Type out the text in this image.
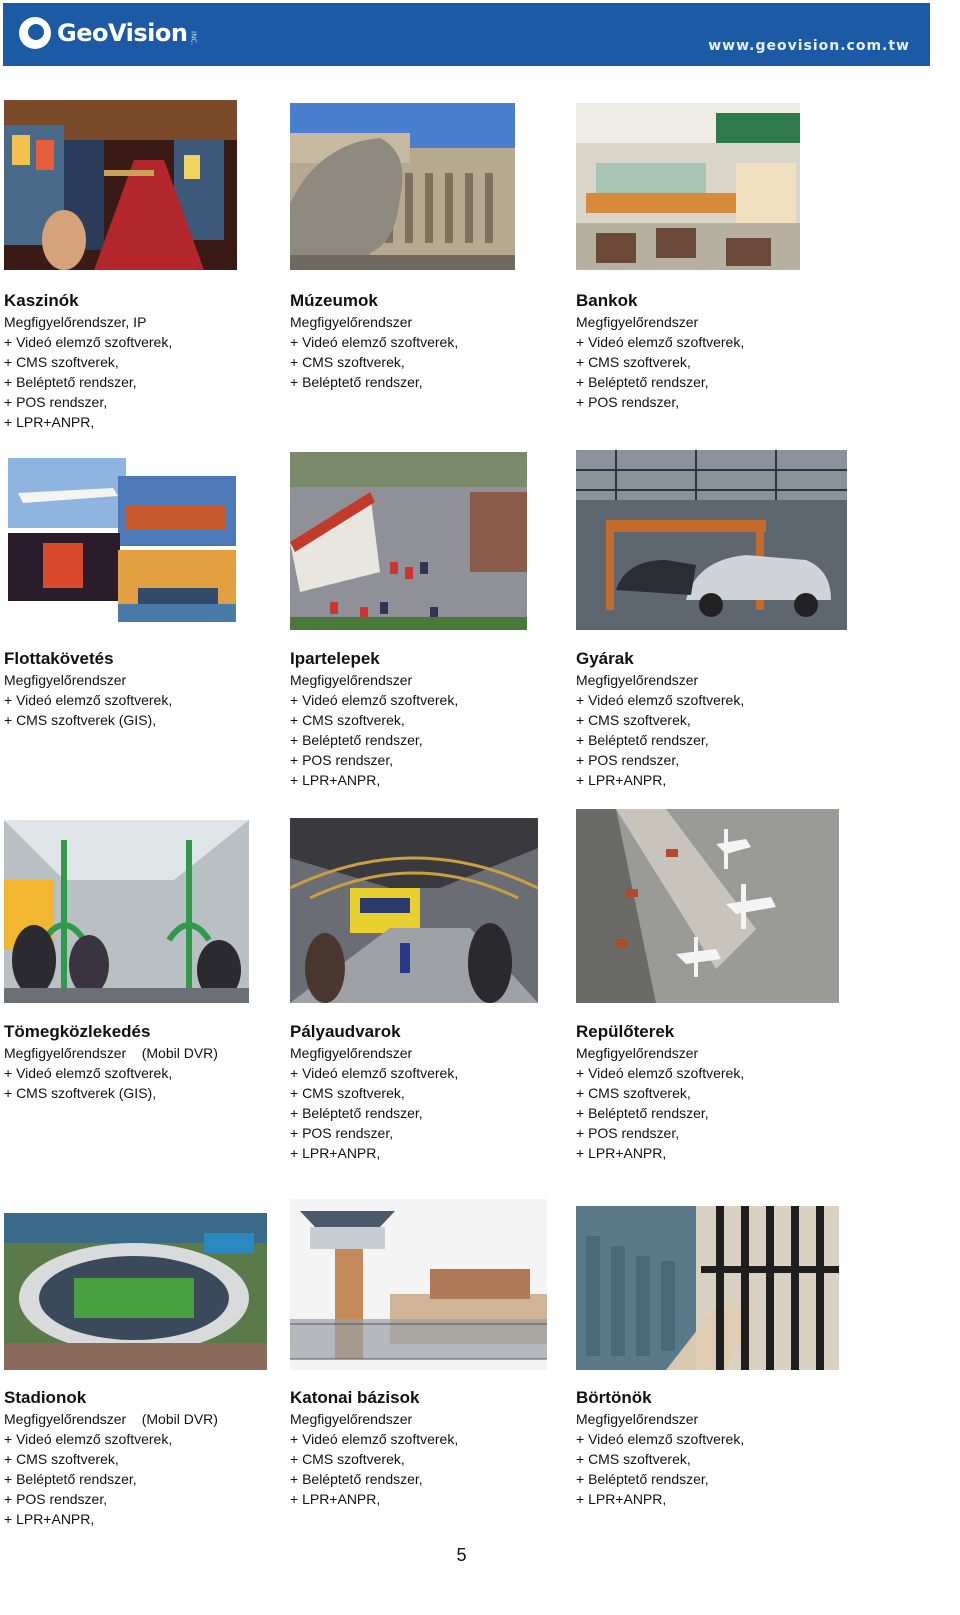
GeoVision INC.
www.geovision.com.tw

Kaszinók

Megfigyelőrendszer, IP

+ Videó elemző szoftverek,

+ CMS szoftverek,

+ Beléptető rendszer,

+ POS rendszer,

+ LPR+ANPR,

Múzeumok

Megfigyelőrendszer

+ Videó elemző szoftverek,

+ CMS szoftverek,

+ Beléptető rendszer,

Bankok

Megfigyelőrendszer

+ Videó elemző szoftverek,

+ CMS szoftverek,

+ Beléptető rendszer,

+ POS rendszer,

Flottakövetés

Megfigyelőrendszer

+ Videó elemző szoftverek,

+ CMS szoftverek (GIS),

Ipartelepek

Megfigyelőrendszer

+ Videó elemző szoftverek,

+ CMS szoftverek,

+ Beléptető rendszer,

+ POS rendszer,

+ LPR+ANPR,

Gyárak

Megfigyelőrendszer

+ Videó elemző szoftverek,

+ CMS szoftverek,

+ Beléptető rendszer,

+ POS rendszer,

+ LPR+ANPR,

Tömegközlekedés

Megfigyelőrendszer    (Mobil DVR)

+ Videó elemző szoftverek,

+ CMS szoftverek (GIS),

Pályaudvarok

Megfigyelőrendszer

+ Videó elemző szoftverek,

+ CMS szoftverek,

+ Beléptető rendszer,

+ POS rendszer,

+ LPR+ANPR,

Repülőterek

Megfigyelőrendszer

+ Videó elemző szoftverek,

+ CMS szoftverek,

+ Beléptető rendszer,

+ POS rendszer,

+ LPR+ANPR,

Stadionok

Megfigyelőrendszer    (Mobil DVR)

+ Videó elemző szoftverek,

+ CMS szoftverek,

+ Beléptető rendszer,

+ POS rendszer,

+ LPR+ANPR,

Katonai bázisok

Megfigyelőrendszer

+ Videó elemző szoftverek,

+ CMS szoftverek,

+ Beléptető rendszer,

+ LPR+ANPR,

Börtönök

Megfigyelőrendszer

+ Videó elemző szoftverek,

+ CMS szoftverek,

+ Beléptető rendszer,

+ LPR+ANPR,

5
